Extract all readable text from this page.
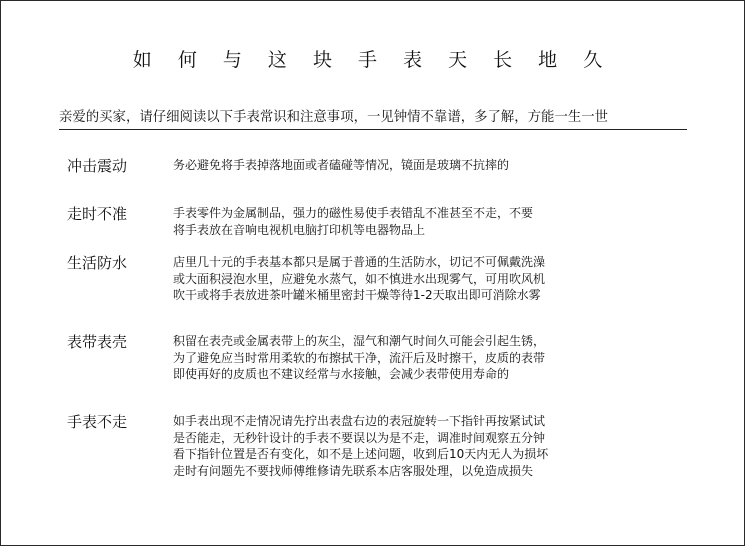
如 何 与 这 块 手 表 天 长 地 久
亲爱的买家，请仔细阅读以下手表常识和注意事项，一见钟情不靠谱，多了解，方能一生一世
冲击震动	务必避免将手表掉落地面或者磕碰等情况，镜面是玻璃不抗摔的
走时不准	手表零件为金属制品，强力的磁性易使手表错乱不准甚至不走，不要
将手表放在音响电视机电脑打印机等电器物品上
生活防水	店里几十元的手表基本都只是属于普通的生活防水，切记不可佩戴洗澡
或大面积浸泡水里，应避免水蒸气，如不慎进水出现雾气，可用吹风机
吹干或将手表放进茶叶罐米桶里密封干燥等待1-2天取出即可消除水雾
表带表壳	积留在表壳或金属表带上的灰尘，湿气和潮气时间久可能会引起生锈，
为了避免应当时常用柔软的布擦拭干净，流汗后及时擦干，皮质的表带
即使再好的皮质也不建议经常与水接触，会减少表带使用寿命的
手表不走	如手表出现不走情况请先拧出表盘右边的表冠旋转一下指针再按紧试试
是否能走，无秒针设计的手表不要误以为是不走，调准时间观察五分钟
看下指针位置是否有变化，如不是上述问题，收到后10天内无人为损坏
走时有问题先不要找师傅维修请先联系本店客服处理，以免造成损失
